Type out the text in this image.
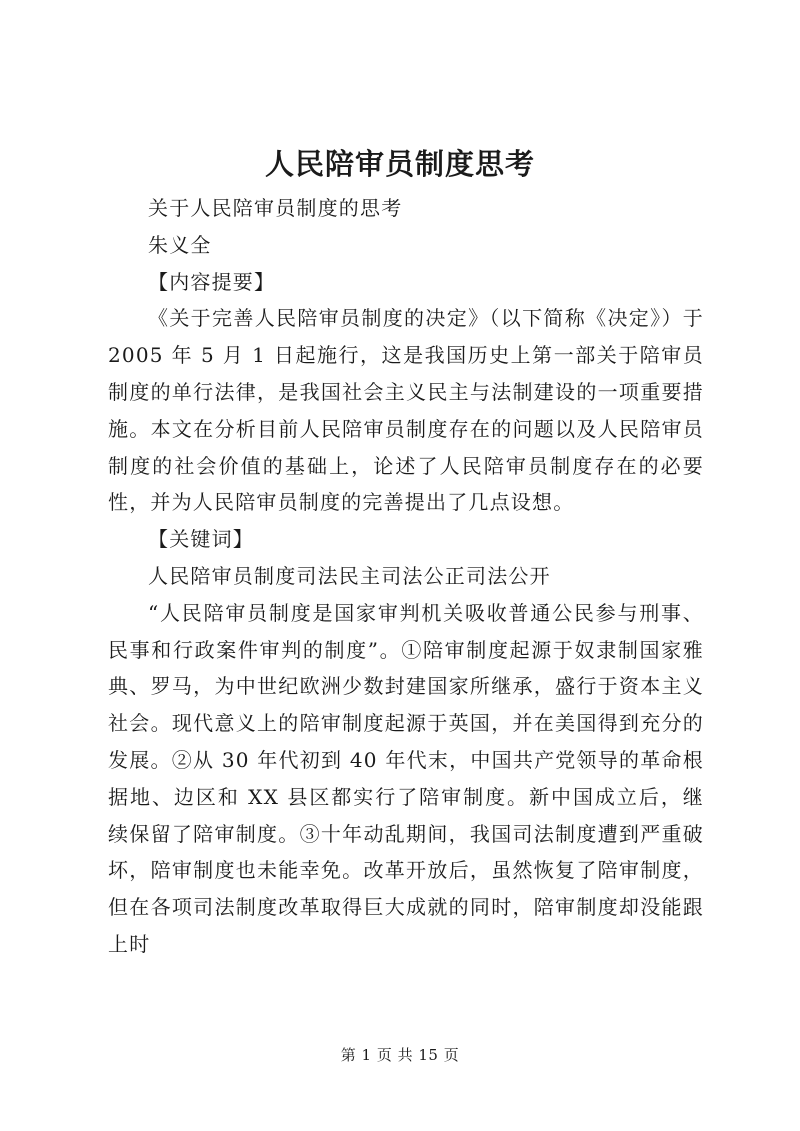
人民陪审员制度思考

关于人民陪审员制度的思考

朱义全

【内容提要】

《关于完善人民陪审员制度的决定》（以下简称《决定》）于 2005 年 5 月 1 日起施行，这是我国历史上第一部关于陪审员制度的单行法律，是我国社会主义民主与法制建设的一项重要措施。本文在分析目前人民陪审员制度存在的问题以及人民陪审员制度的社会价值的基础上，论述了人民陪审员制度存在的必要性，并为人民陪审员制度的完善提出了几点设想。

【关键词】

人民陪审员制度司法民主司法公正司法公开

“人民陪审员制度是国家审判机关吸收普通公民参与刑事、民事和行政案件审判的制度”。①陪审制度起源于奴隶制国家雅典、罗马，为中世纪欧洲少数封建国家所继承，盛行于资本主义社会。现代意义上的陪审制度起源于英国，并在美国得到充分的发展。②从 30 年代初到 40 年代末，中国共产党领导的革命根据地、边区和 XX 县区都实行了陪审制度。新中国成立后，继续保留了陪审制度。③十年动乱期间，我国司法制度遭到严重破坏，陪审制度也未能幸免。改革开放后，虽然恢复了陪审制度，但在各项司法制度改革取得巨大成就的同时，陪审制度却没能跟上时

第 1 页 共 15 页
